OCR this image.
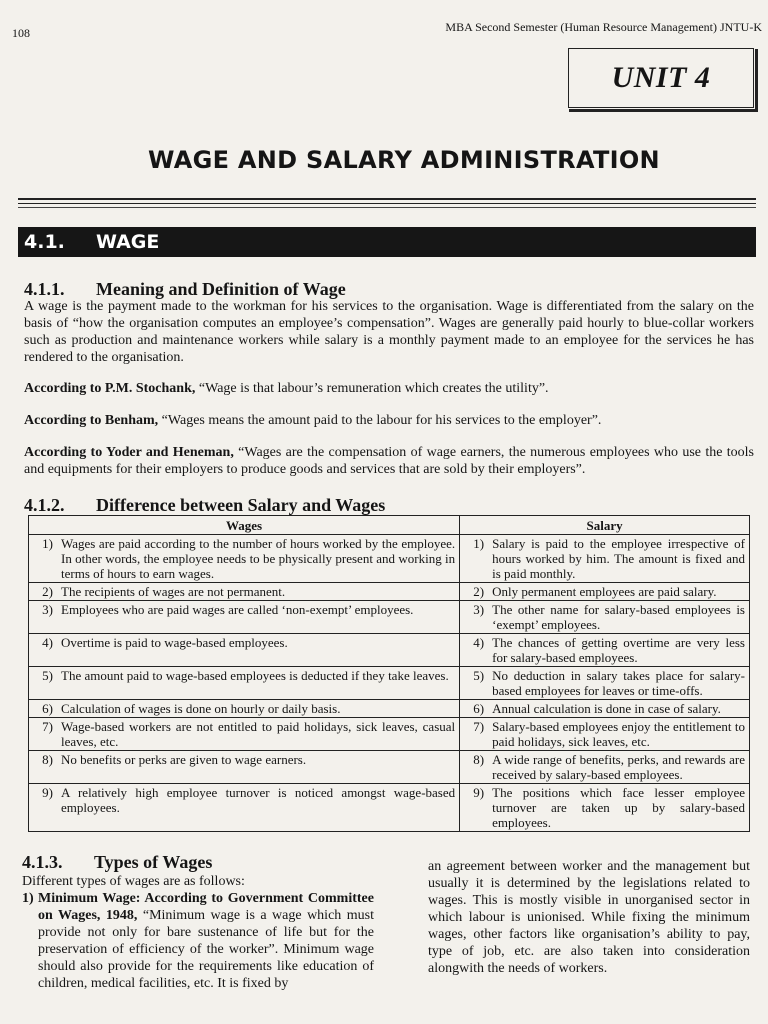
108	MBA Second Semester (Human Resource Management) JNTU-K
UNIT 4
WAGE AND SALARY ADMINISTRATION
4.1.	WAGE
4.1.1. Meaning and Definition of Wage
A wage is the payment made to the workman for his services to the organisation. Wage is differentiated from the salary on the basis of “how the organisation computes an employee’s compensation”. Wages are generally paid hourly to blue-collar workers such as production and maintenance workers while salary is a monthly payment made to an employee for the services he has rendered to the organisation.
According to P.M. Stochank, “Wage is that labour’s remuneration which creates the utility”.
According to Benham, “Wages means the amount paid to the labour for his services to the employer”.
According to Yoder and Heneman, “Wages are the compensation of wage earners, the numerous employees who use the tools and equipments for their employers to produce goods and services that are sold by their employers”.
4.1.2. Difference between Salary and Wages
Wages		Salary	
1)	Wages are paid according to the number of hours worked by the employee. In other words, the employee needs to be physically present and working in terms of hours to earn wages.	1)	Salary is paid to the employee irrespective of hours worked by him. The amount is fixed and is paid monthly.
2)	The recipients of wages are not permanent.	2)	Only permanent employees are paid salary.
3)	Employees who are paid wages are called ‘non-exempt’ employees.	3)	The other name for salary-based employees is ‘exempt’ employees.
4)	Overtime is paid to wage-based employees.	4)	The chances of getting overtime are very less for salary-based employees.
5)	The amount paid to wage-based employees is deducted if they take leaves.	5)	No deduction in salary takes place for salary-based employees for leaves or time-offs.
6)	Calculation of wages is done on hourly or daily basis.	6)	Annual calculation is done in case of salary.
7)	Wage-based workers are not entitled to paid holidays, sick leaves, casual leaves, etc.	7)	Salary-based employees enjoy the entitlement to paid holidays, sick leaves, etc.
8)	No benefits or perks are given to wage earners.	8)	A wide range of benefits, perks, and rewards are received by salary-based employees.
9)	A relatively high employee turnover is noticed amongst wage-based employees.	9)	The positions which face lesser employee turnover are taken up by salary-based employees.
4.1.3. Types of Wages
Different types of wages are as follows:
1) Minimum Wage: According to Government Committee on Wages, 1948, “Minimum wage is a wage which must provide not only for bare sustenance of life but for the preservation of efficiency of the worker”. Minimum wage should also provide for the requirements like education of children, medical facilities, etc. It is fixed by
an agreement between worker and the management but usually it is determined by the legislations related to wages. This is mostly visible in unorganised sector in which labour is unionised. While fixing the minimum wages, other factors like organisation’s ability to pay, type of job, etc. are also taken into consideration alongwith the needs of workers.
